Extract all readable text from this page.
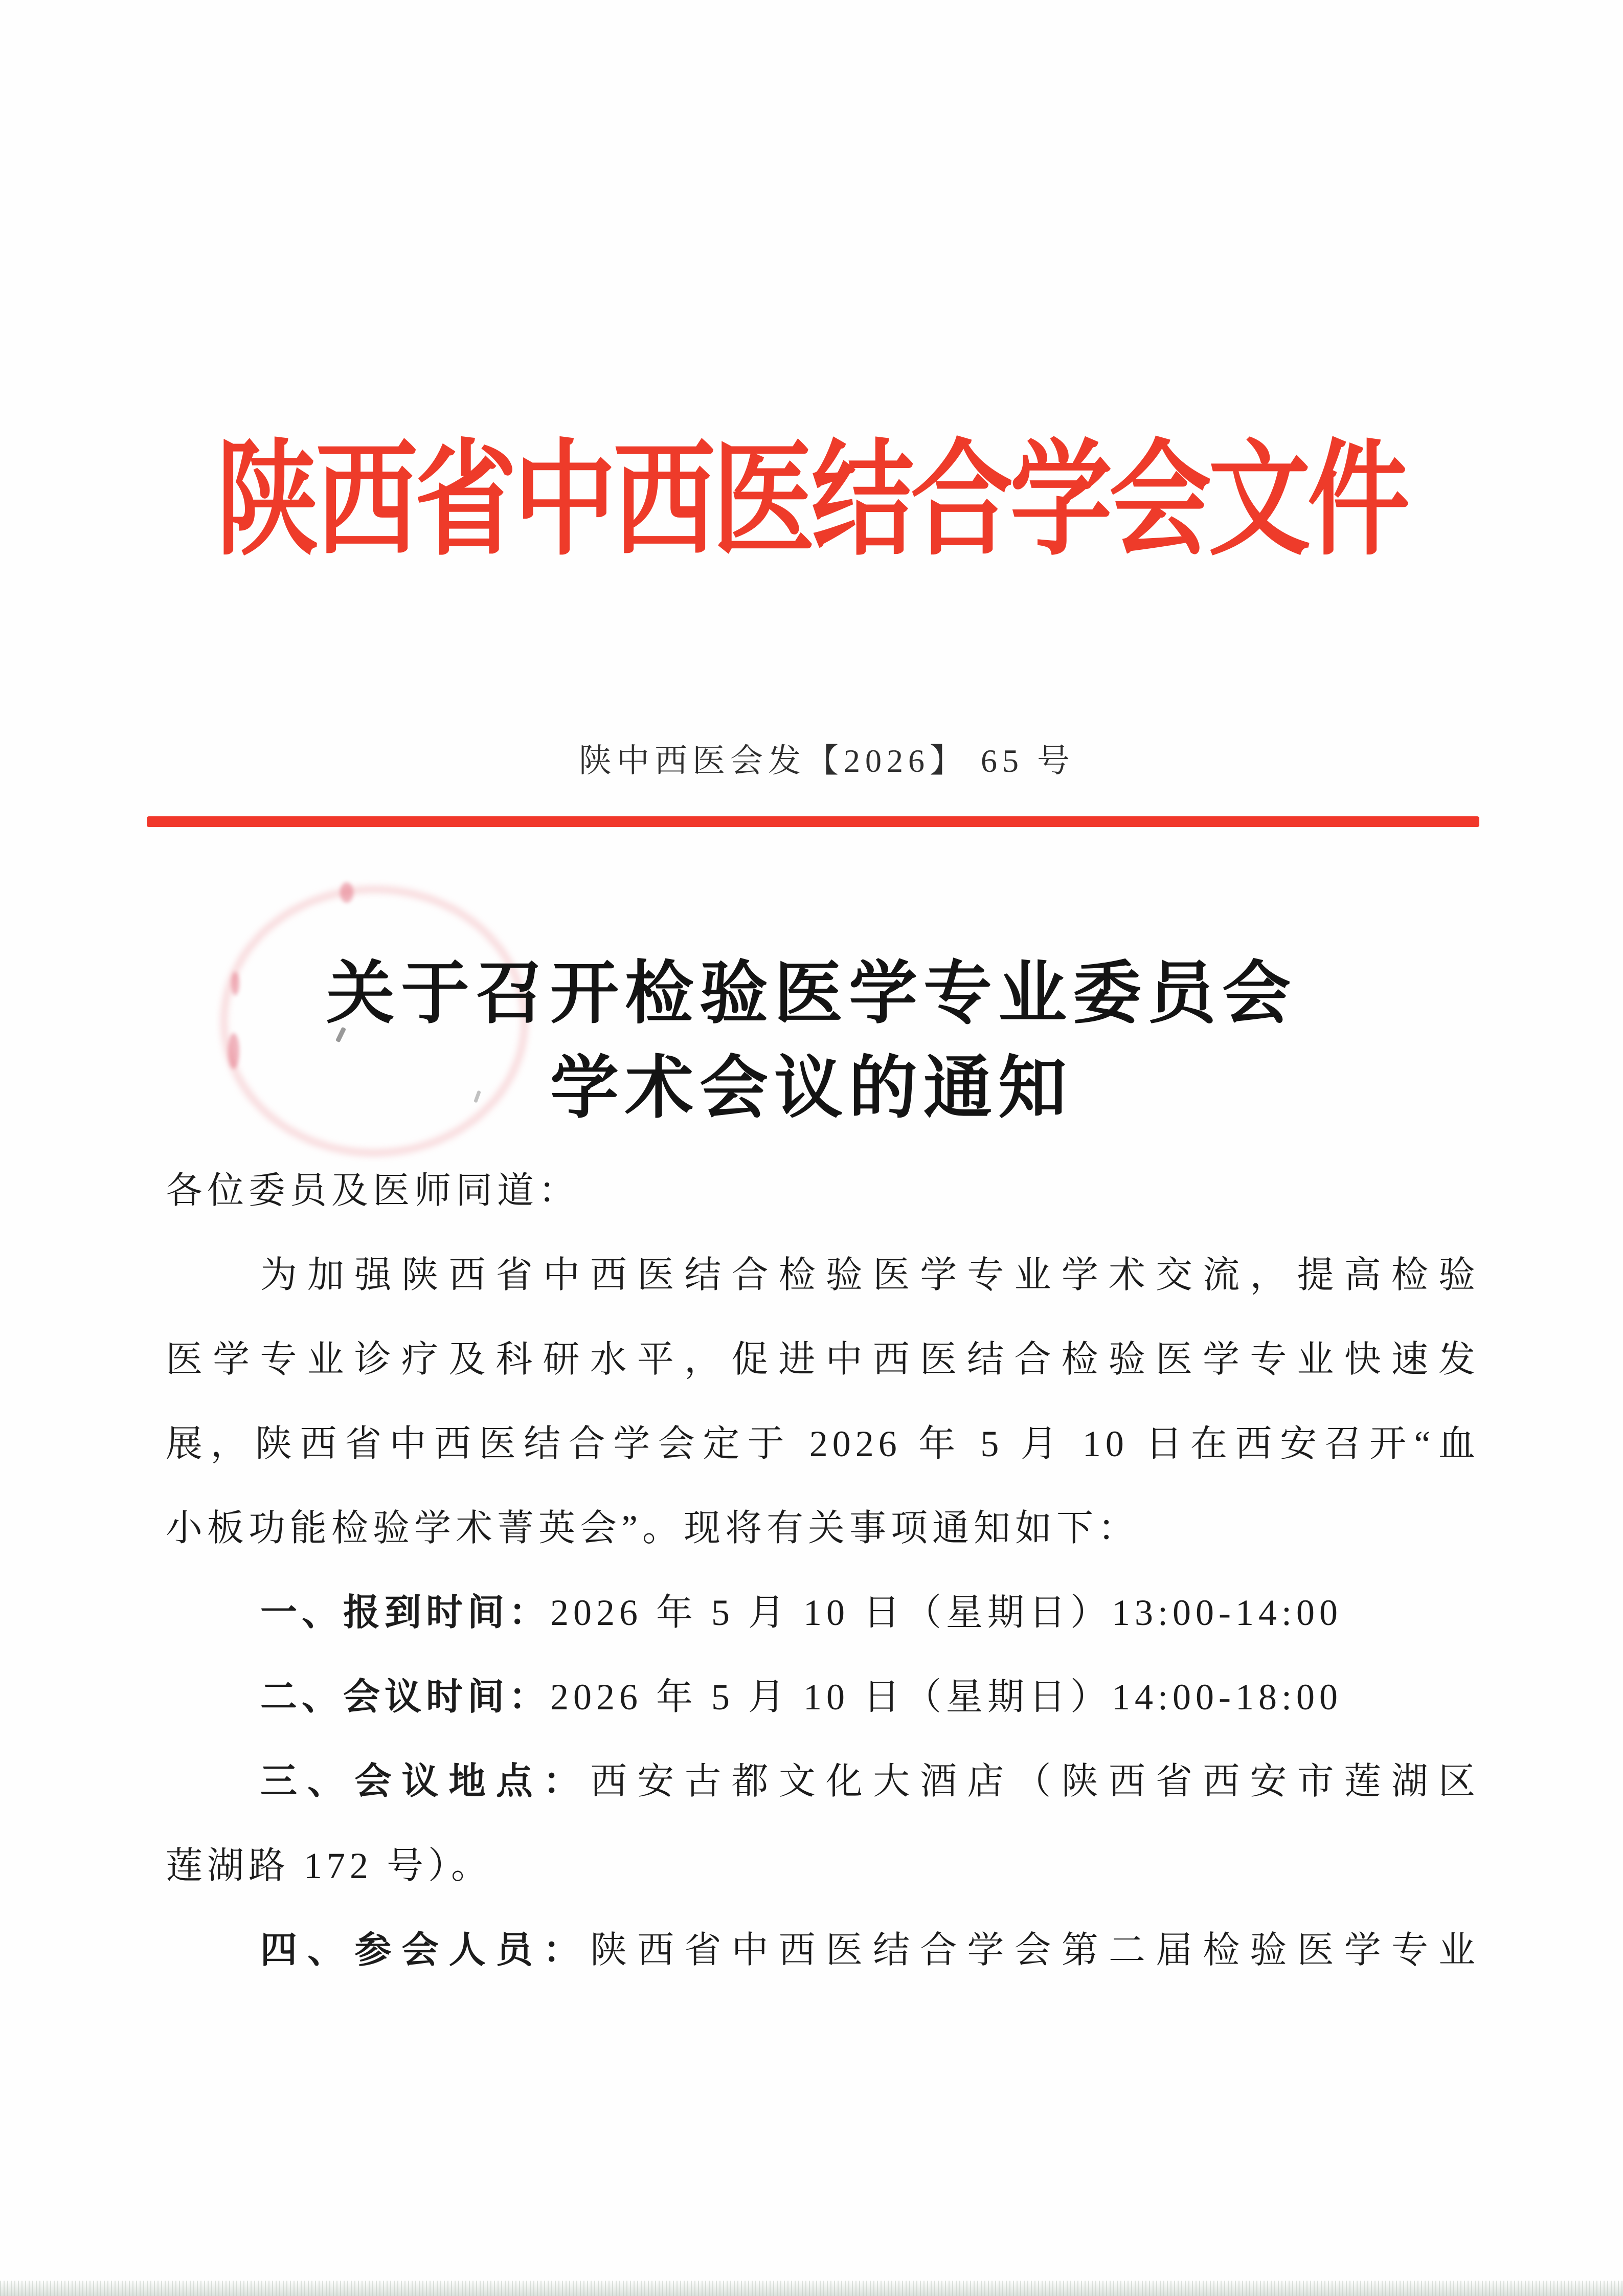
陕西省中西医结合学会文件
陕中西医会发【2026】 65 号
关于召开检验医学专业委员会
学术会议的通知
各位委员及医师同道：
为加强陕西省中西医结合检验医学专业学术交流，提高检验
医学专业诊疗及科研水平，促进中西医结合检验医学专业快速发
展，陕西省中西医结合学会定于 2026 年 5 月 10 日在西安召开“血
小板功能检验学术菁英会”。现将有关事项通知如下：
一、报到时间：2026 年 5 月 10 日（星期日）13:00-14:00
二、会议时间：2026 年 5 月 10 日（星期日）14:00-18:00
三、会议地点：西安古都文化大酒店（陕西省西安市莲湖区
莲湖路 172 号）。
四、参会人员：陕西省中西医结合学会第二届检验医学专业
